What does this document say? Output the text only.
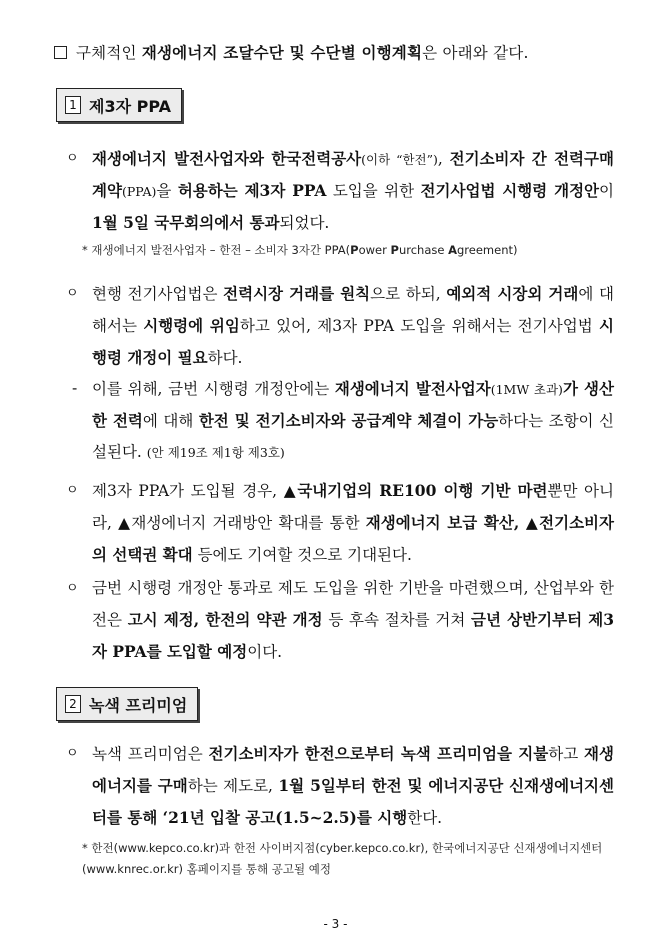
구체적인 재생에너지 조달수단 및 수단별 이행계획은 아래와 같다.
1 제3자 PPA
ㅇ 재생에너지 발전사업자와 한국전력공사(이하 “한전”), 전기소비자 간 전력구매계약(PPA)을 허용하는 제3자 PPA 도입을 위한 전기사업법 시행령 개정안이 1월 5일 국무회의에서 통과되었다.
* 재생에너지 발전사업자 – 한전 – 소비자 3자간 PPA(Power Purchase Agreement)
ㅇ 현행 전기사업법은 전력시장 거래를 원칙으로 하되, 예외적 시장외 거래에 대해서는 시행령에 위임하고 있어, 제3자 PPA 도입을 위해서는 전기사업법 시행령 개정이 필요하다.
- 이를 위해, 금번 시행령 개정안에는 재생에너지 발전사업자(1MW 초과)가 생산한 전력에 대해 한전 및 전기소비자와 공급계약 체결이 가능하다는 조항이 신설된다. (안 제19조 제1항 제3호)
ㅇ 제3자 PPA가 도입될 경우, ▲국내기업의 RE100 이행 기반 마련뿐만 아니라, ▲재생에너지 거래방안 확대를 통한 재생에너지 보급 확산, ▲전기소비자의 선택권 확대 등에도 기여할 것으로 기대된다.
ㅇ 금번 시행령 개정안 통과로 제도 도입을 위한 기반을 마련했으며, 산업부와 한전은 고시 제정, 한전의 약관 개정 등 후속 절차를 거쳐 금년 상반기부터 제3자 PPA를 도입할 예정이다.
2 녹색 프리미엄
ㅇ 녹색 프리미엄은 전기소비자가 한전으로부터 녹색 프리미엄을 지불하고 재생에너지를 구매하는 제도로, 1월 5일부터 한전 및 에너지공단 신재생에너지센터를 통해 ‘21년 입찰 공고(1.5~2.5)를 시행한다.
* 한전(www.kepco.co.kr)과 한전 사이버지점(cyber.kepco.co.kr), 한국에너지공단 신재생에너지센터(www.knrec.or.kr) 홈페이지를 통해 공고될 예정
- 3 -
